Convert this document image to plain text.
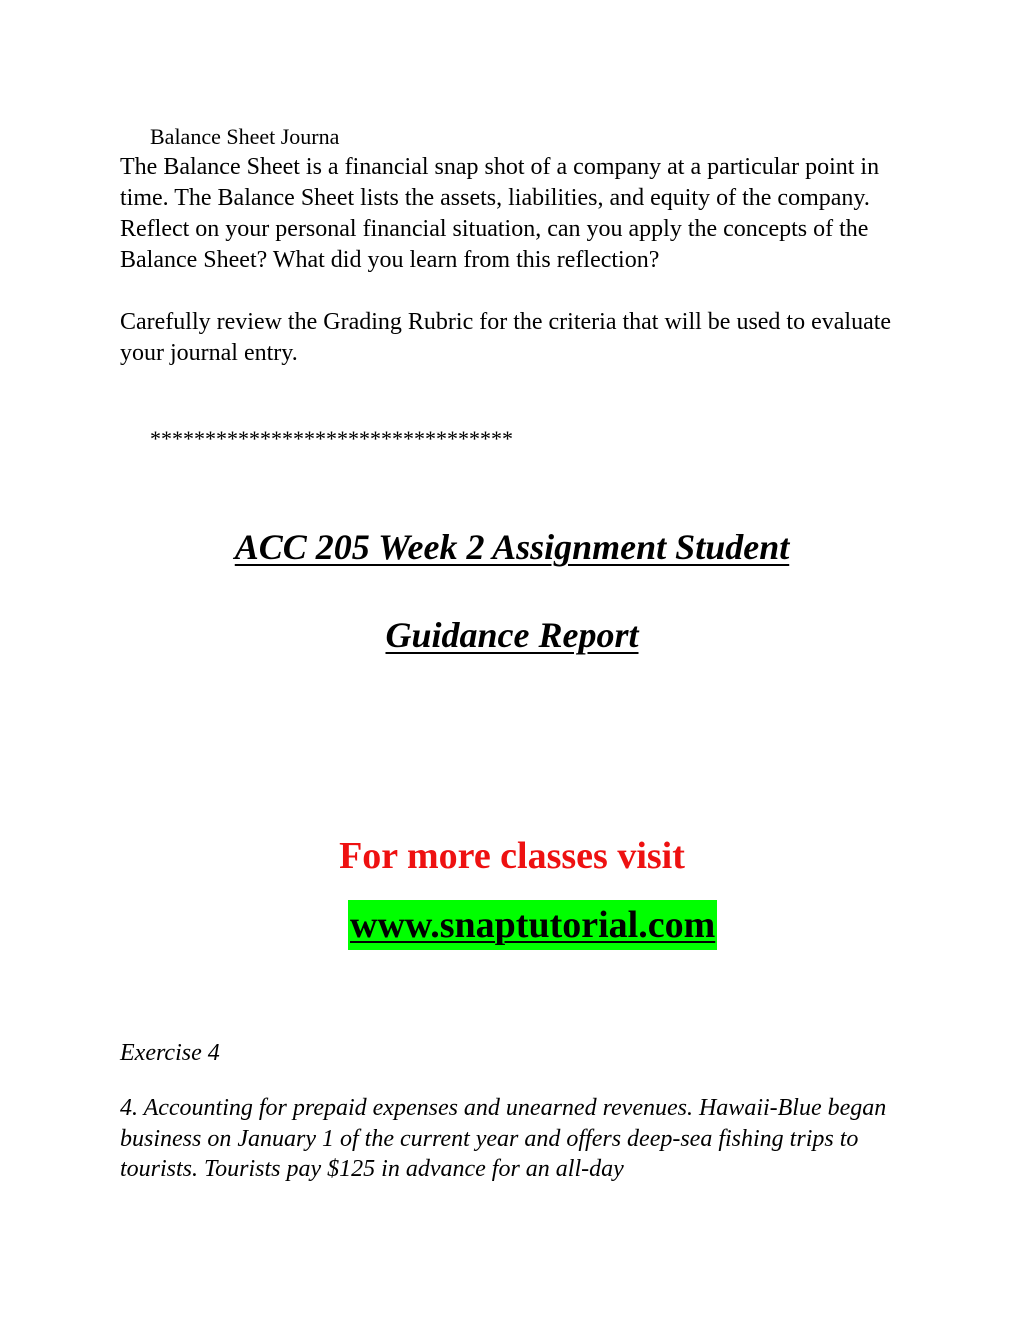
Balance Sheet Journa

The Balance Sheet is a financial snap shot of a company at a particular point in time. The Balance Sheet lists the assets, liabilities, and equity of the company. Reflect on your personal financial situation, can you apply the concepts of the Balance Sheet? What did you learn from this reflection?

Carefully review the Grading Rubric for the criteria that will be used to evaluate your journal entry.

*********************************

ACC 205 Week 2 Assignment Student
Guidance Report

For more classes visit

www.snaptutorial.com

Exercise 4

4. Accounting for prepaid expenses and unearned revenues. Hawaii-Blue began business on January 1 of the current year and offers deep-sea fishing trips to tourists. Tourists pay $125 in advance for an all-day
